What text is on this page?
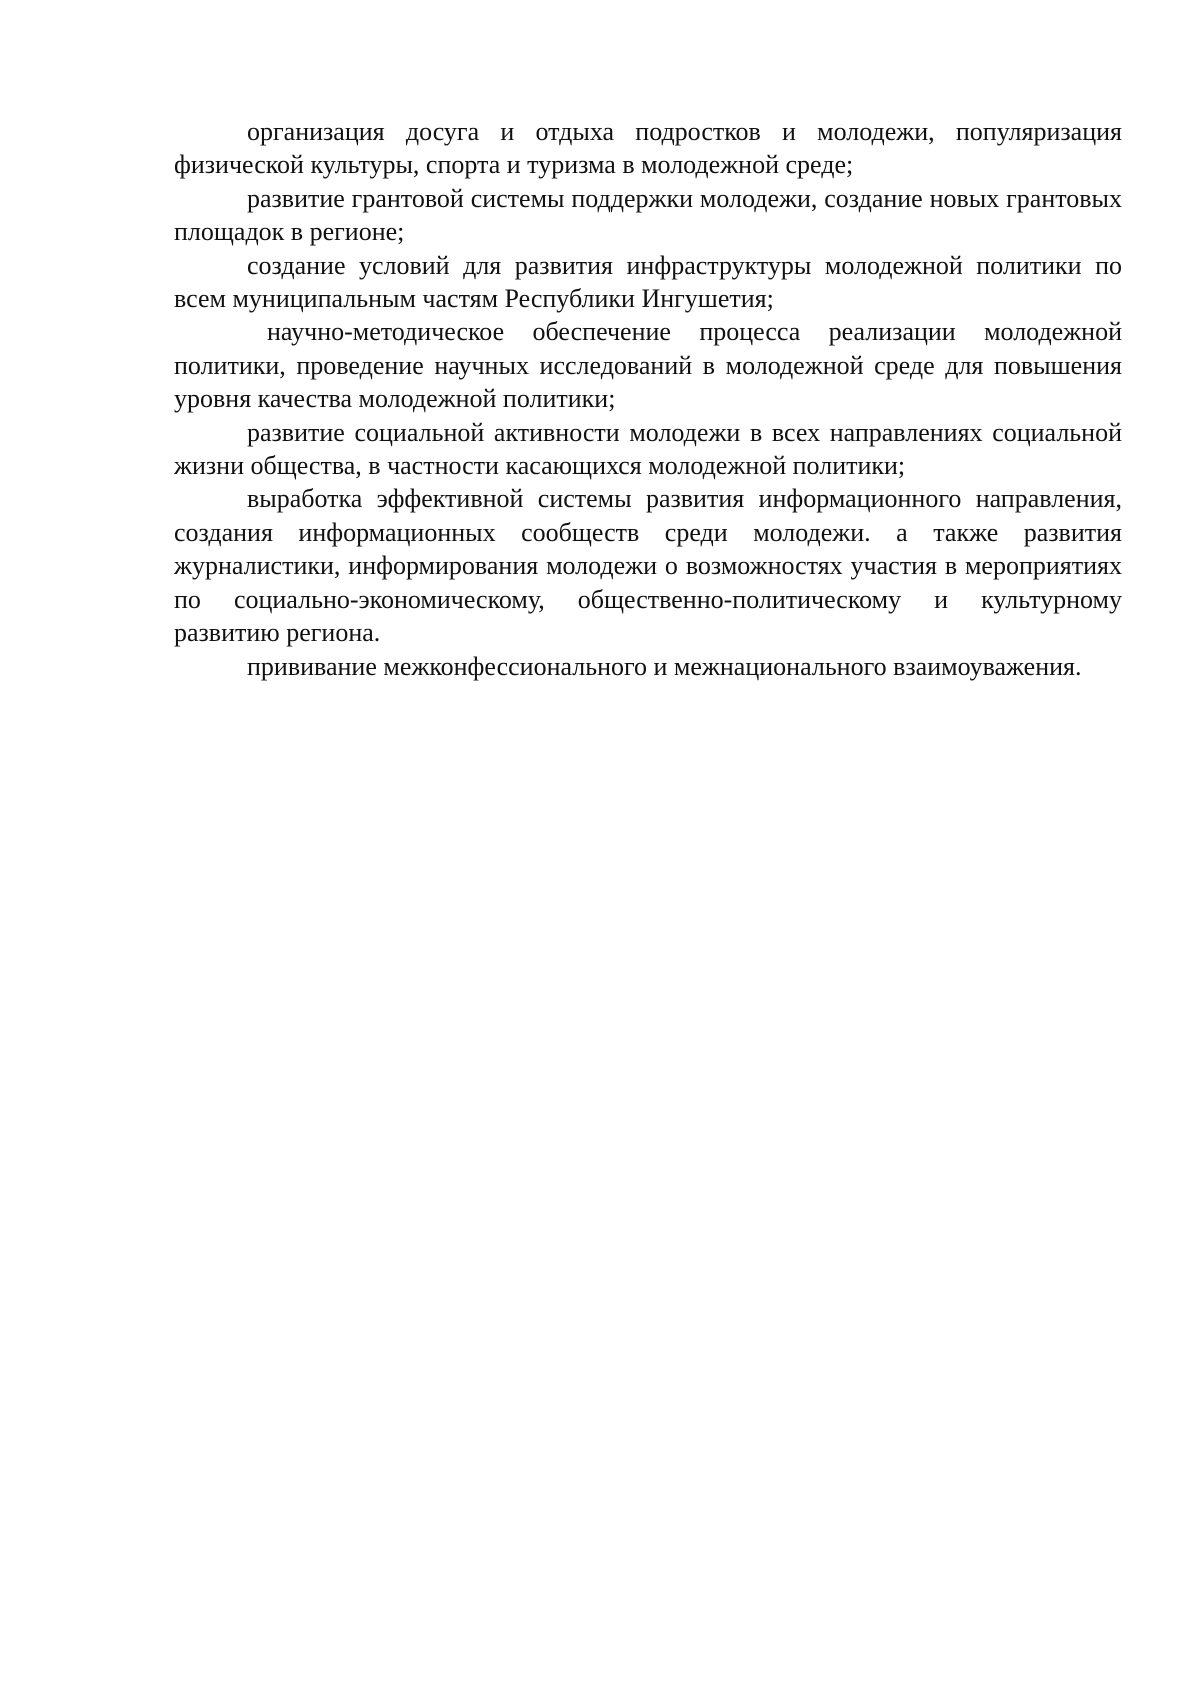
организация досуга и отдыха подростков и молодежи, популяризация физической культуры, спорта и туризма в молодежной среде;

развитие грантовой системы поддержки молодежи, создание новых грантовых площадок в регионе;

создание условий для развития инфраструктуры молодежной политики по всем муниципальным частям Республики Ингушетия;

научно-методическое обеспечение процесса реализации молодежной политики, проведение научных исследований в молодежной среде для повышения уровня качества молодежной политики;

развитие социальной активности молодежи в всех направлениях социальной жизни общества, в частности касающихся молодежной политики;

выработка эффективной системы развития информационного направления, создания информационных сообществ среди молодежи. а также развития журналистики, информирования молодежи о возможностях участия в мероприятиях по социально-экономическому, общественно-политическому и культурному развитию региона.

прививание межконфессионального и межнационального взаимоуважения.
